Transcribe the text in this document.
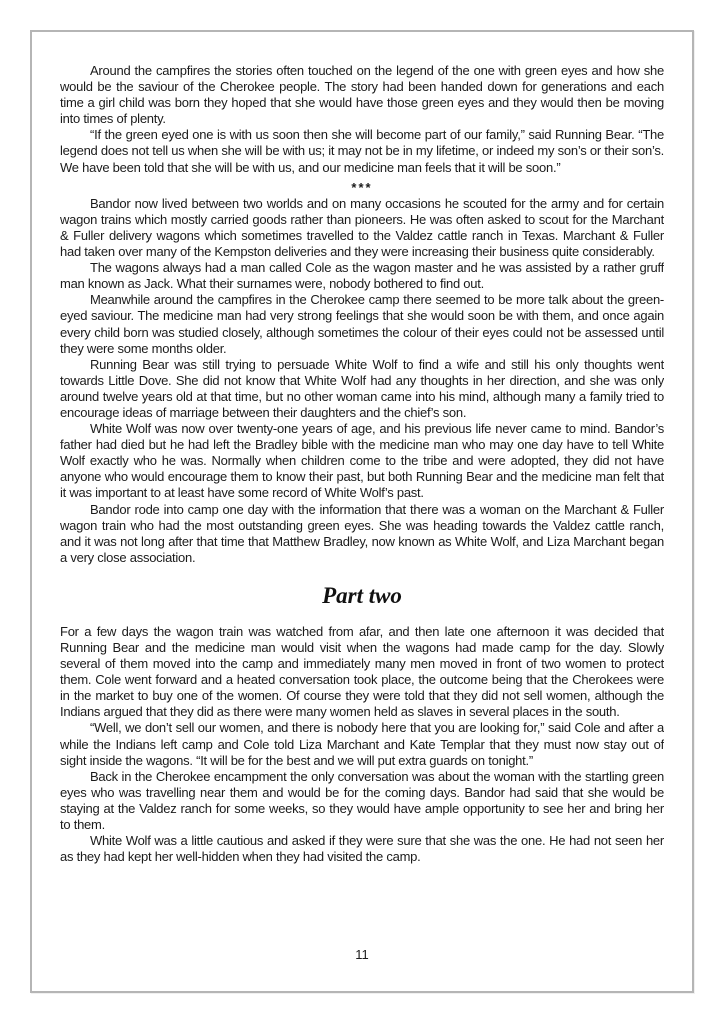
Around the campfires the stories often touched on the legend of the one with green eyes and how she would be the saviour of the Cherokee people. The story had been handed down for generations and each time a girl child was born they hoped that she would have those green eyes and they would then be moving into times of plenty.

“If the green eyed one is with us soon then she will become part of our family,” said Running Bear. “The legend does not tell us when she will be with us; it may not be in my lifetime, or indeed my son’s or their son’s. We have been told that she will be with us, and our medicine man feels that it will be soon.”

***

Bandor now lived between two worlds and on many occasions he scouted for the army and for certain wagon trains which mostly carried goods rather than pioneers. He was often asked to scout for the Marchant & Fuller delivery wagons which sometimes travelled to the Valdez cattle ranch in Texas. Marchant & Fuller had taken over many of the Kempston deliveries and they were increasing their business quite considerably.

The wagons always had a man called Cole as the wagon master and he was assisted by a rather gruff man known as Jack. What their surnames were, nobody bothered to find out.

Meanwhile around the campfires in the Cherokee camp there seemed to be more talk about the green-eyed saviour. The medicine man had very strong feelings that she would soon be with them, and once again every child born was studied closely, although sometimes the colour of their eyes could not be assessed until they were some months older.

Running Bear was still trying to persuade White Wolf to find a wife and still his only thoughts went towards Little Dove. She did not know that White Wolf had any thoughts in her direction, and she was only around twelve years old at that time, but no other woman came into his mind, although many a family tried to encourage ideas of marriage between their daughters and the chief’s son.

White Wolf was now over twenty-one years of age, and his previous life never came to mind. Bandor’s father had died but he had left the Bradley bible with the medicine man who may one day have to tell White Wolf exactly who he was. Normally when children come to the tribe and were adopted, they did not have anyone who would encourage them to know their past, but both Running Bear and the medicine man felt that it was important to at least have some record of White Wolf’s past.

Bandor rode into camp one day with the information that there was a woman on the Marchant & Fuller wagon train who had the most outstanding green eyes. She was heading towards the Valdez cattle ranch, and it was not long after that time that Matthew Bradley, now known as White Wolf, and Liza Marchant began a very close association.

Part two

For a few days the wagon train was watched from afar, and then late one afternoon it was decided that Running Bear and the medicine man would visit when the wagons had made camp for the day. Slowly several of them moved into the camp and immediately many men moved in front of two women to protect them. Cole went forward and a heated conversation took place, the outcome being that the Cherokees were in the market to buy one of the women. Of course they were told that they did not sell women, although the Indians argued that they did as there were many women held as slaves in several places in the south.

“Well, we don’t sell our women, and there is nobody here that you are looking for,” said Cole and after a while the Indians left camp and Cole told Liza Marchant and Kate Templar that they must now stay out of sight inside the wagons. “It will be for the best and we will put extra guards on tonight.”

Back in the Cherokee encampment the only conversation was about the woman with the startling green eyes who was travelling near them and would be for the coming days. Bandor had said that she would be staying at the Valdez ranch for some weeks, so they would have ample opportunity to see her and bring her to them.

White Wolf was a little cautious and asked if they were sure that she was the one. He had not seen her as they had kept her well-hidden when they had visited the camp.

11
